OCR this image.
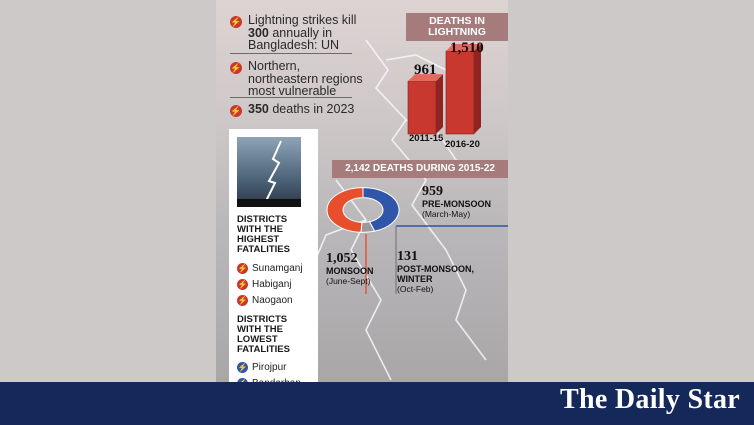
⚡ Lightning strikes kill 300 annually in Bangladesh: UN
⚡ Northern, northeastern regions most vulnerable
⚡ 350 deaths in 2023
DISTRICTS WITH THE HIGHEST FATALITIES
⚡ Sunamganj
⚡ Habiganj
⚡ Naogaon
DISTRICTS WITH THE LOWEST FATALITIES
⚡ Pirojpur
DEATHS IN LIGHTNING
961
1,510
2011-15
2016-20
2,142 DEATHS DURING 2015-22
959
PRE-MONSOON
(March-May)
1,052
MONSOON
(June-Sept)
131
POST-MONSOON, WINTER
(Oct-Feb)
The Daily Star
